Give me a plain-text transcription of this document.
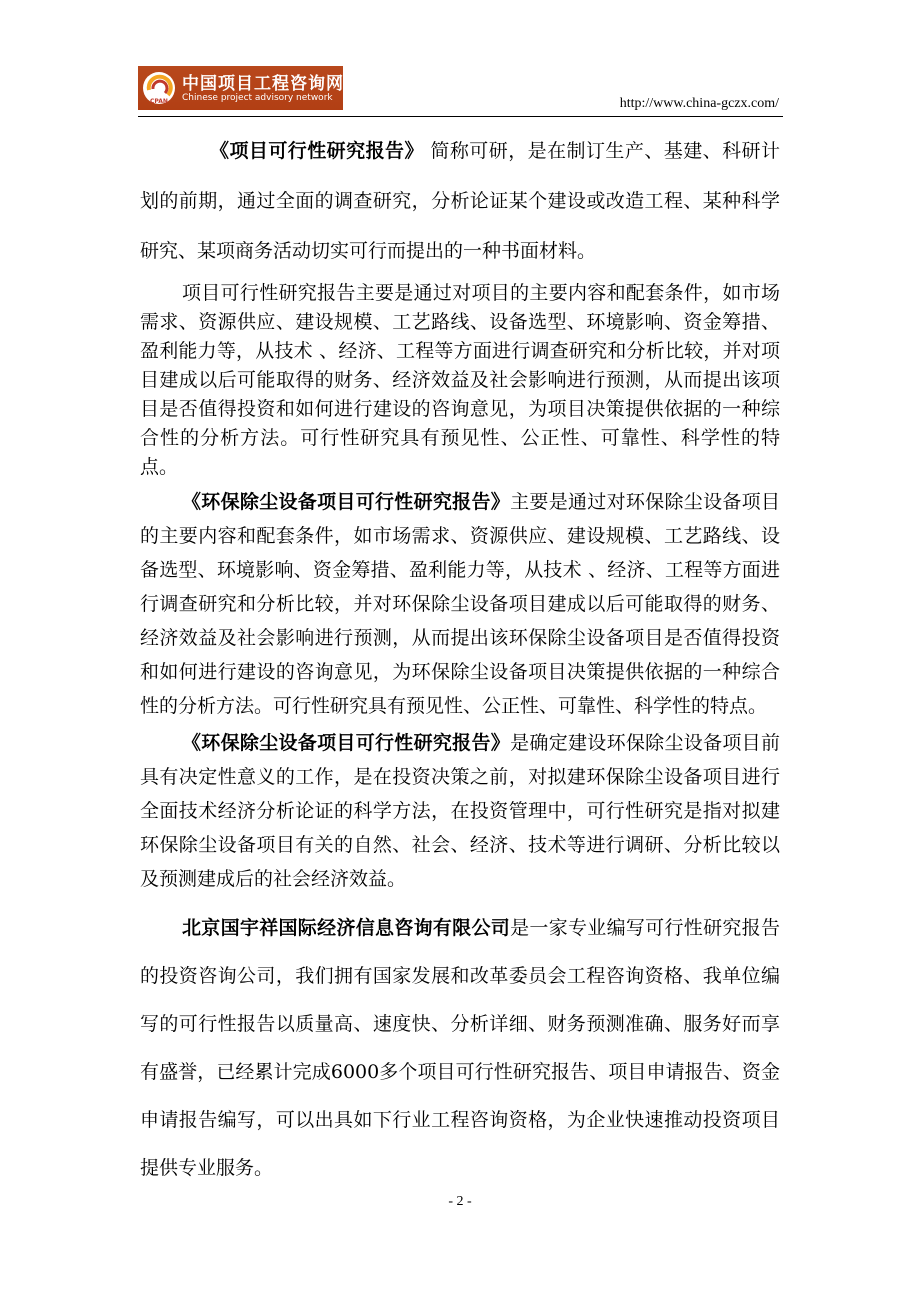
CPAN
中国项目工程咨询网
Chinese project advisory network	http://www.china-gczx.com/

《项目可行性研究报告》 简称可研，是在制订生产、基建、科研计划的前期，通过全面的调查研究，分析论证某个建设或改造工程、某种科学研究、某项商务活动切实可行而提出的一种书面材料。

项目可行性研究报告主要是通过对项目的主要内容和配套条件，如市场需求、资源供应、建设规模、工艺路线、设备选型、环境影响、资金筹措、盈利能力等，从技术 、经济、工程等方面进行调查研究和分析比较，并对项目建成以后可能取得的财务、经济效益及社会影响进行预测，从而提出该项目是否值得投资和如何进行建设的咨询意见，为项目决策提供依据的一种综合性的分析方法。可行性研究具有预见性、公正性、可靠性、科学性的特点。

《环保除尘设备项目可行性研究报告》主要是通过对环保除尘设备项目的主要内容和配套条件，如市场需求、资源供应、建设规模、工艺路线、设备选型、环境影响、资金筹措、盈利能力等，从技术 、经济、工程等方面进行调查研究和分析比较，并对环保除尘设备项目建成以后可能取得的财务、经济效益及社会影响进行预测，从而提出该环保除尘设备项目是否值得投资和如何进行建设的咨询意见，为环保除尘设备项目决策提供依据的一种综合性的分析方法。可行性研究具有预见性、公正性、可靠性、科学性的特点。

《环保除尘设备项目可行性研究报告》是确定建设环保除尘设备项目前具有决定性意义的工作，是在投资决策之前，对拟建环保除尘设备项目进行全面技术经济分析论证的科学方法，在投资管理中，可行性研究是指对拟建环保除尘设备项目有关的自然、社会、经济、技术等进行调研、分析比较以及预测建成后的社会经济效益。

北京国宇祥国际经济信息咨询有限公司是一家专业编写可行性研究报告的投资咨询公司，我们拥有国家发展和改革委员会工程咨询资格、我单位编写的可行性报告以质量高、速度快、分析详细、财务预测准确、服务好而享有盛誉，已经累计完成6000多个项目可行性研究报告、项目申请报告、资金申请报告编写，可以出具如下行业工程咨询资格，为企业快速推动投资项目提供专业服务。

- 2 -
